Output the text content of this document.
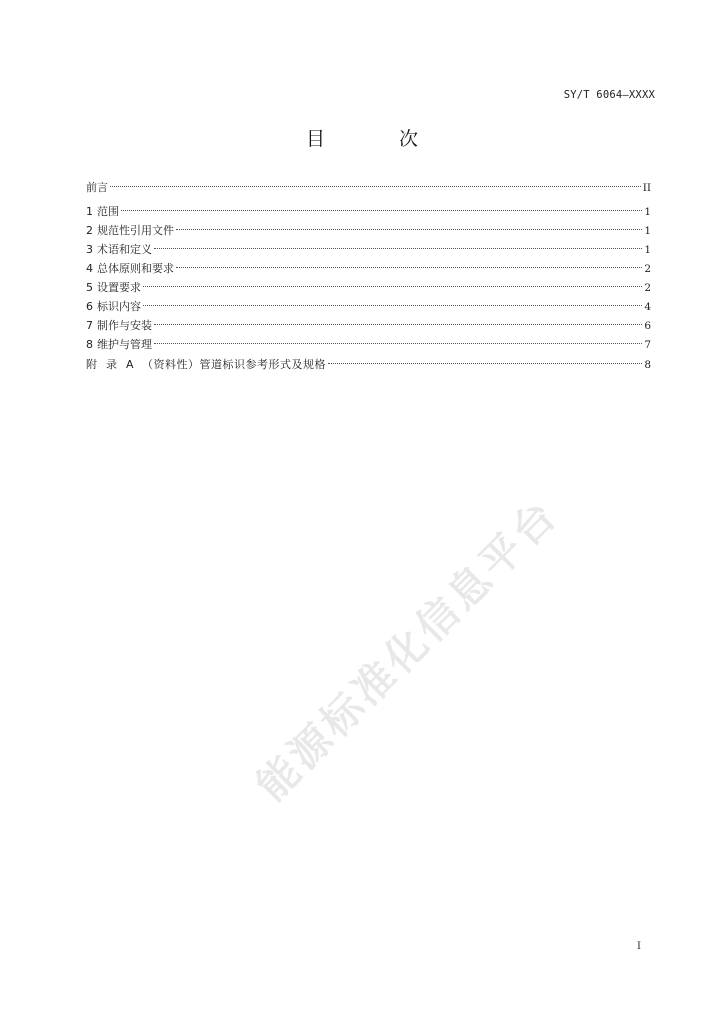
SY/T 6064—XXXX
目 次
前言	II
1 范围	1
2 规范性引用文件	1
3 术语和定义	1
4 总体原则和要求	2
5 设置要求	2
6 标识内容	4
7 制作与安装	6
8 维护与管理	7
附录A （资料性）管道标识参考形式及规格	8
能源标准化信息平台
I
